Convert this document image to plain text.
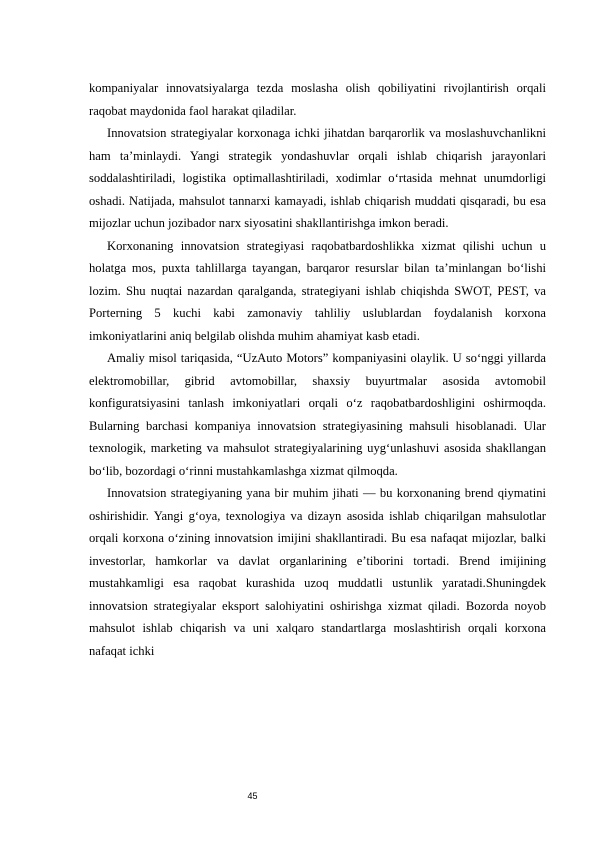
kompaniyalar innovatsiyalarga tezda moslasha olish qobiliyatini rivojlantirish orqali raqobat maydonida faol harakat qiladilar.

Innovatsion strategiyalar korxonaga ichki jihatdan barqarorlik va moslashuvchanlikni ham ta’minlaydi. Yangi strategik yondashuvlar orqali ishlab chiqarish jarayonlari soddalashtiriladi, logistika optimallashtiriladi, xodimlar o‘rtasida mehnat unumdorligi oshadi. Natijada, mahsulot tannarxi kamayadi, ishlab chiqarish muddati qisqaradi, bu esa mijozlar uchun jozibador narx siyosatini shakllantirishga imkon beradi.

Korxonaning innovatsion strategiyasi raqobatbardoshlikka xizmat qilishi uchun u holatga mos, puxta tahlillarga tayangan, barqaror resurslar bilan ta’minlangan bo‘lishi lozim. Shu nuqtai nazardan qaralganda, strategiyani ishlab chiqishda SWOT, PEST, va Porterning 5 kuchi kabi zamonaviy tahliliy uslublardan foydalanish korxona imkoniyatlarini aniq belgilab olishda muhim ahamiyat kasb etadi.

Amaliy misol tariqasida, “UzAuto Motors” kompaniyasini olaylik. U so‘nggi yillarda elektromobillar, gibrid avtomobillar, shaxsiy buyurtmalar asosida avtomobil konfiguratsiyasini tanlash imkoniyatlari orqali o‘z raqobatbardoshligini oshirmoqda. Bularning barchasi kompaniya innovatsion strategiyasining mahsuli hisoblanadi. Ular texnologik, marketing va mahsulot strategiyalarining uyg‘unlashuvi asosida shakllangan bo‘lib, bozordagi o‘rinni mustahkamlashga xizmat qilmoqda.

Innovatsion strategiyaning yana bir muhim jihati — bu korxonaning brend qiymatini oshirishidir. Yangi g‘oya, texnologiya va dizayn asosida ishlab chiqarilgan mahsulotlar orqali korxona o‘zining innovatsion imijini shakllantiradi. Bu esa nafaqat mijozlar, balki investorlar, hamkorlar va davlat organlarining e’tiborini tortadi. Brend imijining mustahkamligi esa raqobat kurashida uzoq muddatli ustunlik yaratadi.Shuningdek innovatsion strategiyalar eksport salohiyatini oshirishga xizmat qiladi. Bozorda noyob mahsulot ishlab chiqarish va uni xalqaro standartlarga moslashtirish orqali korxona nafaqat ichki

45
